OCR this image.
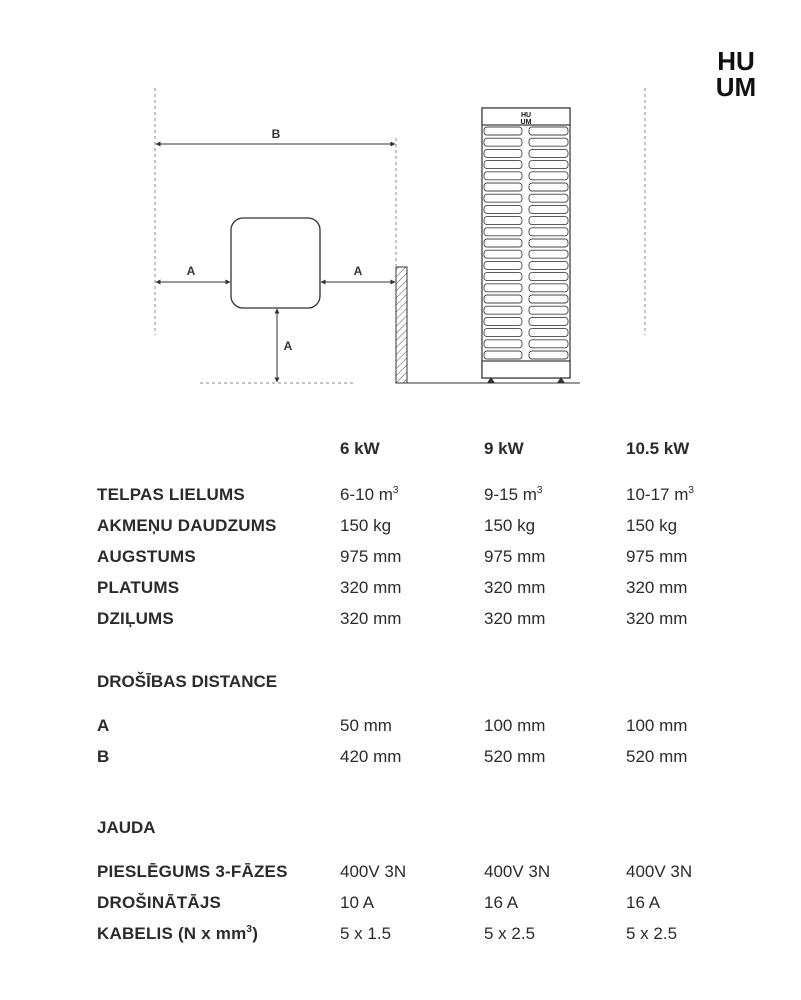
HU
UM
B
A	A
A
HU
UM
6 kW	9 kW	10.5 kW
TELPAS LIELUMS	6-10 $m^3$	9-15 $m^3$	10-17 $m^3$
AKMEŅU DAUDZUMS	150 kg	150 kg	150 kg
AUGSTUMS	975 mm	975 mm	975 mm
PLATUMS	320 mm	320 mm	320 mm
DZIĻUMS	320 mm	320 mm	320 mm
DROŠĪBAS DISTANCE
A	50 mm	100 mm	100 mm
B	420 mm	520 mm	520 mm
JAUDA
PIESLĒGUMS 3-FĀZES	400V 3N	400V 3N	400V 3N
DROŠINĀTĀJS	10 A	16 A	16 A
KABELIS (N x $mm^3$)	5 x 1.5	5 x 2.5	5 x 2.5
